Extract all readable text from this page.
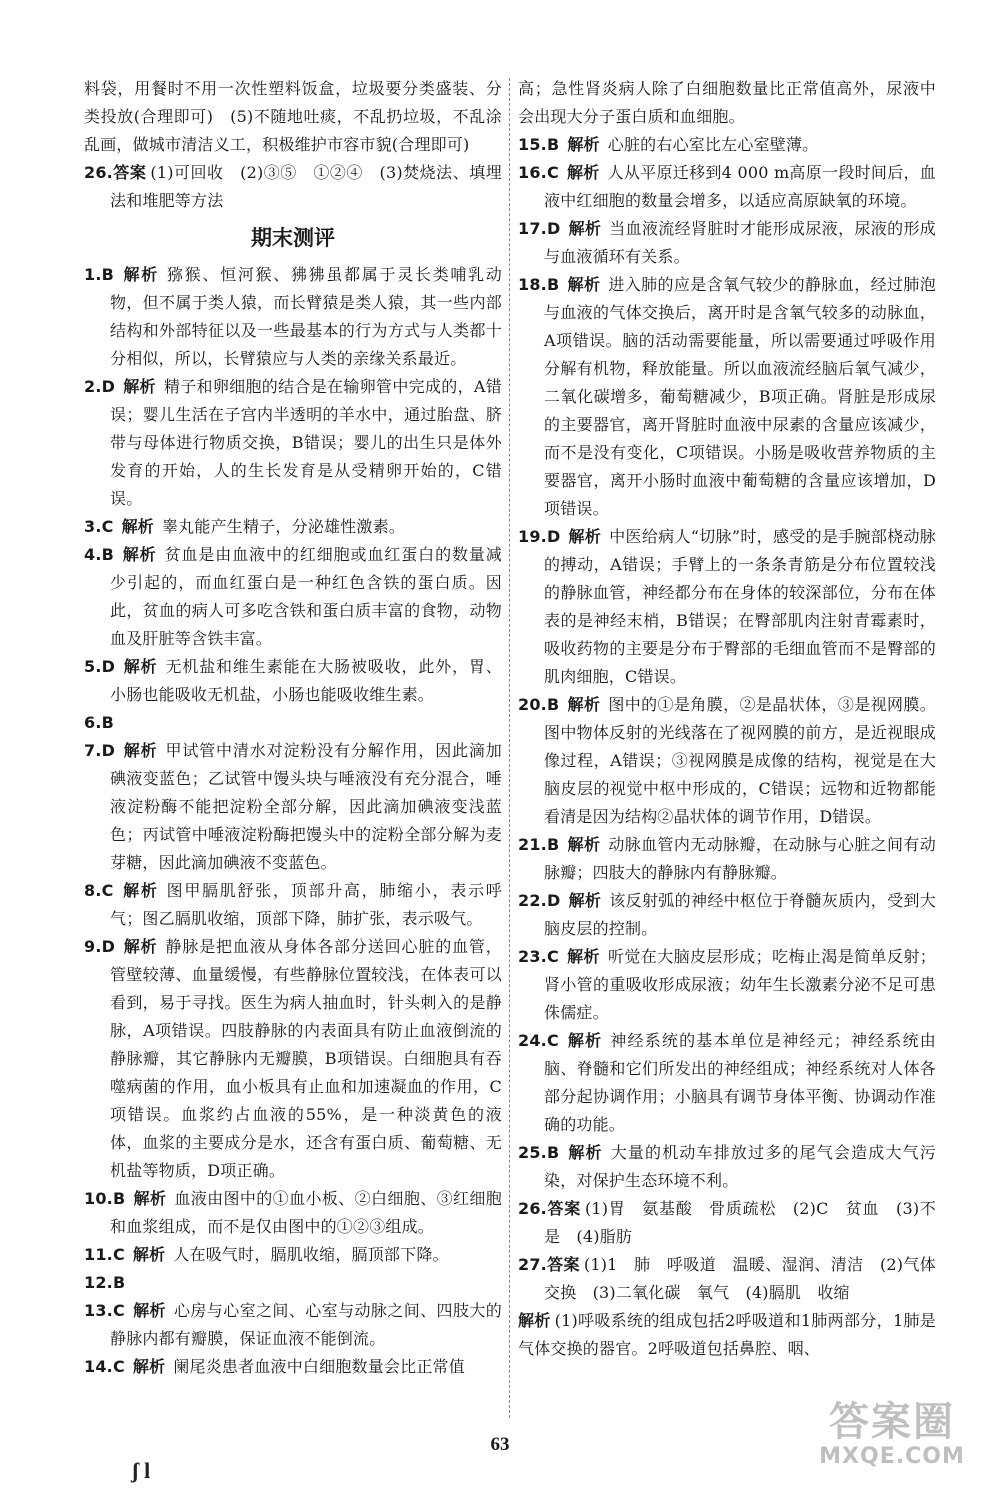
料袋，用餐时不用一次性塑料饭盒，垃圾要分类盛装、分类投放(合理即可)　(5)不随地吐痰，不乱扔垃圾，不乱涂乱画，做城市清洁义工，积极维护市容市貌(合理即可)

26.答案 (1)可回收　(2)③⑤　①②④　(3)焚烧法、填埋法和堆肥等方法

期末测评

1.B 解析 猕猴、恒河猴、狒狒虽都属于灵长类哺乳动物，但不属于类人猿，而长臂猿是类人猿，其一些内部结构和外部特征以及一些最基本的行为方式与人类都十分相似，所以，长臂猿应与人类的亲缘关系最近。

2.D 解析 精子和卵细胞的结合是在输卵管中完成的，A错误；婴儿生活在子宫内半透明的羊水中，通过胎盘、脐带与母体进行物质交换，B错误；婴儿的出生只是体外发育的开始，人的生长发育是从受精卵开始的，C错误。

3.C 解析 睾丸能产生精子，分泌雄性激素。

4.B 解析 贫血是由血液中的红细胞或血红蛋白的数量减少引起的，而血红蛋白是一种红色含铁的蛋白质。因此，贫血的病人可多吃含铁和蛋白质丰富的食物，动物血及肝脏等含铁丰富。

5.D 解析 无机盐和维生素能在大肠被吸收，此外，胃、小肠也能吸收无机盐，小肠也能吸收维生素。

6.B

7.D 解析 甲试管中清水对淀粉没有分解作用，因此滴加碘液变蓝色；乙试管中馒头块与唾液没有充分混合，唾液淀粉酶不能把淀粉全部分解，因此滴加碘液变浅蓝色；丙试管中唾液淀粉酶把馒头中的淀粉全部分解为麦芽糖，因此滴加碘液不变蓝色。

8.C 解析 图甲膈肌舒张，顶部升高，肺缩小，表示呼气；图乙膈肌收缩，顶部下降，肺扩张，表示吸气。

9.D 解析 静脉是把血液从身体各部分送回心脏的血管，管壁较薄、血量缓慢，有些静脉位置较浅，在体表可以看到，易于寻找。医生为病人抽血时，针头刺入的是静脉，A项错误。四肢静脉的内表面具有防止血液倒流的静脉瓣，其它静脉内无瓣膜，B项错误。白细胞具有吞噬病菌的作用，血小板具有止血和加速凝血的作用，C项错误。血浆约占血液的55%，是一种淡黄色的液体，血浆的主要成分是水，还含有蛋白质、葡萄糖、无机盐等物质，D项正确。

10.B 解析 血液由图中的①血小板、②白细胞、③红细胞和血浆组成，而不是仅由图中的①②③组成。

11.C 解析 人在吸气时，膈肌收缩，膈顶部下降。

12.B

13.C 解析 心房与心室之间、心室与动脉之间、四肢大的静脉内都有瓣膜，保证血液不能倒流。

14.C 解析 阑尾炎患者血液中白细胞数量会比正常值

高；急性肾炎病人除了白细胞数量比正常值高外，尿液中会出现大分子蛋白质和血细胞。

15.B 解析 心脏的右心室比左心室壁薄。

16.C 解析 人从平原迁移到4 000 m高原一段时间后，血液中红细胞的数量会增多，以适应高原缺氧的环境。

17.D 解析 当血液流经肾脏时才能形成尿液，尿液的形成与血液循环有关系。

18.B 解析 进入肺的应是含氧气较少的静脉血，经过肺泡与血液的气体交换后，离开时是含氧气较多的动脉血，A项错误。脑的活动需要能量，所以需要通过呼吸作用分解有机物，释放能量。所以血液流经脑后氧气减少，二氧化碳增多，葡萄糖减少，B项正确。肾脏是形成尿的主要器官，离开肾脏时血液中尿素的含量应该减少，而不是没有变化，C项错误。小肠是吸收营养物质的主要器官，离开小肠时血液中葡萄糖的含量应该增加，D项错误。

19.D 解析 中医给病人“切脉”时，感受的是手腕部桡动脉的搏动，A错误；手臂上的一条条青筋是分布位置较浅的静脉血管，神经都分布在身体的较深部位，分布在体表的是神经末梢，B错误；在臀部肌肉注射青霉素时，吸收药物的主要是分布于臀部的毛细血管而不是臀部的肌肉细胞，C错误。

20.B 解析 图中的①是角膜，②是晶状体，③是视网膜。图中物体反射的光线落在了视网膜的前方，是近视眼成像过程，A错误；③视网膜是成像的结构，视觉是在大脑皮层的视觉中枢中形成的，C错误；远物和近物都能看清是因为结构②晶状体的调节作用，D错误。

21.B 解析 动脉血管内无动脉瓣，在动脉与心脏之间有动脉瓣；四肢大的静脉内有静脉瓣。

22.D 解析 该反射弧的神经中枢位于脊髓灰质内，受到大脑皮层的控制。

23.C 解析 听觉在大脑皮层形成；吃梅止渴是简单反射；肾小管的重吸收形成尿液；幼年生长激素分泌不足可患侏儒症。

24.C 解析 神经系统的基本单位是神经元；神经系统由脑、脊髓和它们所发出的神经组成；神经系统对人体各部分起协调作用；小脑具有调节身体平衡、协调动作准确的功能。

25.B 解析 大量的机动车排放过多的尾气会造成大气污染，对保护生态环境不利。

26.答案 (1)胃　氨基酸　骨质疏松　(2)C　贫血　(3)不是　(4)脂肪

27.答案 (1)1　肺　呼吸道　温暖、湿润、清洁　(2)气体交换　(3)二氧化碳　氧气　(4)膈肌　收缩

解析 (1)呼吸系统的组成包括2呼吸道和1肺两部分，1肺是气体交换的器官。2呼吸道包括鼻腔、咽、

63
ʃ l
答案圈
MXQE.COM
